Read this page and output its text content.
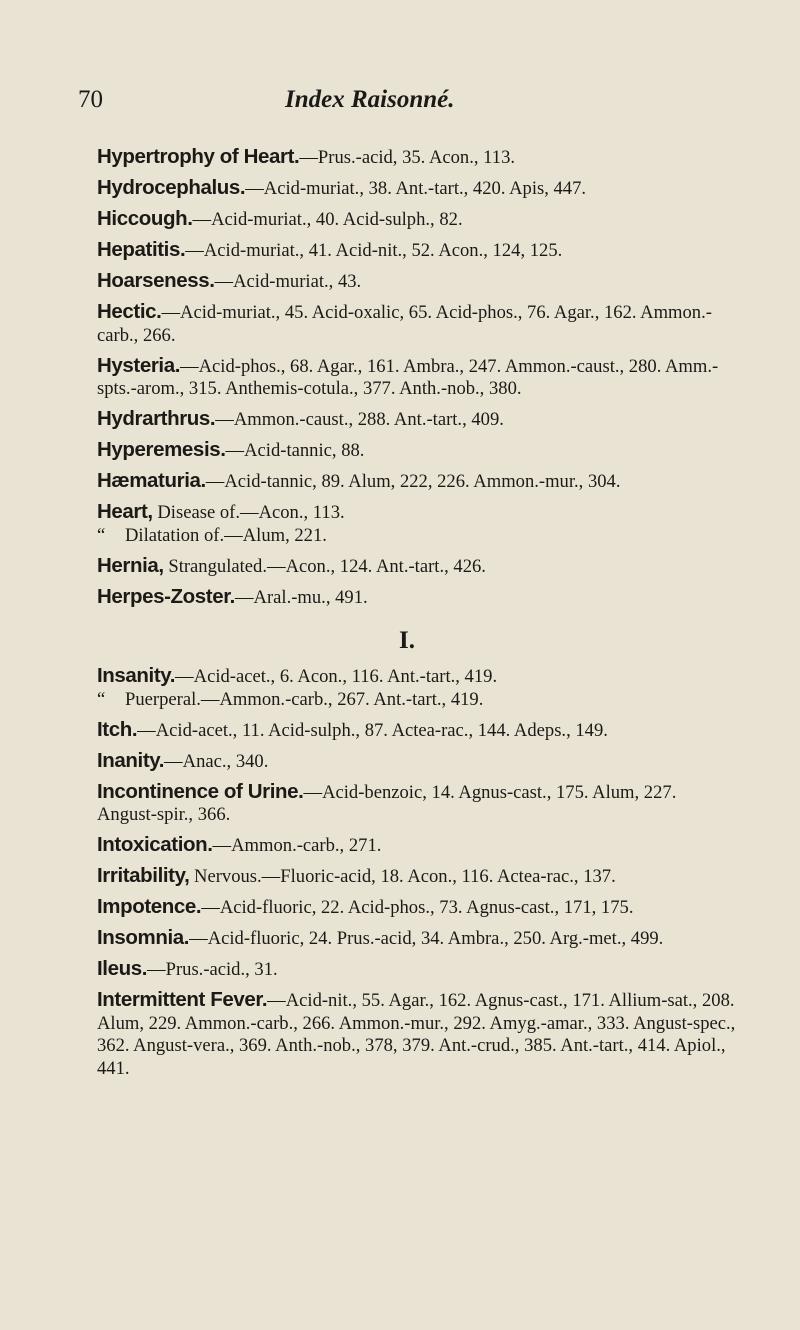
70	Index Raisonné.
Hypertrophy of Heart.—Prus.-acid, 35. Acon., 113.
Hydrocephalus.—Acid-muriat., 38. Ant.-tart., 420. Apis, 447.
Hiccough.—Acid-muriat., 40. Acid-sulph., 82.
Hepatitis.—Acid-muriat., 41. Acid-nit., 52. Acon., 124, 125.
Hoarseness.—Acid-muriat., 43.
Hectic.—Acid-muriat., 45. Acid-oxalic, 65. Acid-phos., 76. Agar., 162. Ammon.-carb., 266.
Hysteria.—Acid-phos., 68. Agar., 161. Ambra., 247. Ammon.-caust., 280. Amm.-spts.-arom., 315. Anthemis-cotula., 377. Anth.-nob., 380.
Hydrarthrus.—Ammon.-caust., 288. Ant.-tart., 409.
Hyperemesis.—Acid-tannic, 88.
Hæmaturia.—Acid-tannic, 89. Alum, 222, 226. Ammon.-mur., 304.
Heart, Disease of.—Acon., 113.
“ Dilatation of.—Alum, 221.
Hernia, Strangulated.—Acon., 124. Ant.-tart., 426.
Herpes-Zoster.—Aral.-mu., 491.
I.
Insanity.—Acid-acet., 6. Acon., 116. Ant.-tart., 419.
“ Puerperal.—Ammon.-carb., 267. Ant.-tart., 419.
Itch.—Acid-acet., 11. Acid-sulph., 87. Actea-rac., 144. Adeps., 149.
Inanity.—Anac., 340.
Incontinence of Urine.—Acid-benzoic, 14. Agnus-cast., 175. Alum, 227. Angust-spir., 366.
Intoxication.—Ammon.-carb., 271.
Irritability, Nervous.—Fluoric-acid, 18. Acon., 116. Actea-rac., 137.
Impotence.—Acid-fluoric, 22. Acid-phos., 73. Agnus-cast., 171, 175.
Insomnia.—Acid-fluoric, 24. Prus.-acid, 34. Ambra., 250. Arg.-met., 499.
Ileus.—Prus.-acid., 31.
Intermittent Fever.—Acid-nit., 55. Agar., 162. Agnus-cast., 171. Allium-sat., 208. Alum, 229. Ammon.-carb., 266. Ammon.-mur., 292. Amyg.-amar., 333. Angust-spec., 362. Angust-vera., 369. Anth.-nob., 378, 379. Ant.-crud., 385. Ant.-tart., 414. Apiol., 441.
